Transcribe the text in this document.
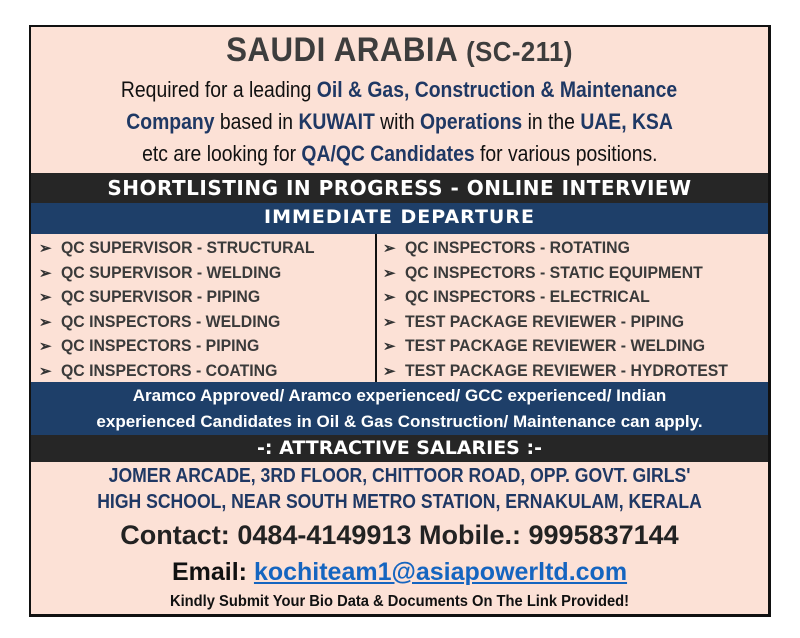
SAUDI ARABIA (SC-211)
Required for a leading Oil & Gas, Construction & Maintenance
Company based in KUWAIT with Operations in the UAE, KSA
etc are looking for QA/QC Candidates for various positions.
SHORTLISTING IN PROGRESS - ONLINE INTERVIEW
IMMEDIATE DEPARTURE
➢ QC SUPERVISOR - STRUCTURAL
➢ QC SUPERVISOR - WELDING
➢ QC SUPERVISOR - PIPING
➢ QC INSPECTORS - WELDING
➢ QC INSPECTORS - PIPING
➢ QC INSPECTORS - COATING
➢ QC INSPECTORS - ROTATING
➢ QC INSPECTORS - STATIC EQUIPMENT
➢ QC INSPECTORS - ELECTRICAL
➢ TEST PACKAGE REVIEWER - PIPING
➢ TEST PACKAGE REVIEWER - WELDING
➢ TEST PACKAGE REVIEWER - HYDROTEST
Aramco Approved/ Aramco experienced/ GCC experienced/ Indian
experienced Candidates in Oil & Gas Construction/ Maintenance can apply.
-: ATTRACTIVE SALARIES :-
JOMER ARCADE, 3RD FLOOR, CHITTOOR ROAD, OPP. GOVT. GIRLS'
HIGH SCHOOL, NEAR SOUTH METRO STATION, ERNAKULAM, KERALA
Contact: 0484-4149913 Mobile.: 9995837144
Email: kochiteam1@asiapowerltd.com
Kindly Submit Your Bio Data & Documents On The Link Provided!
